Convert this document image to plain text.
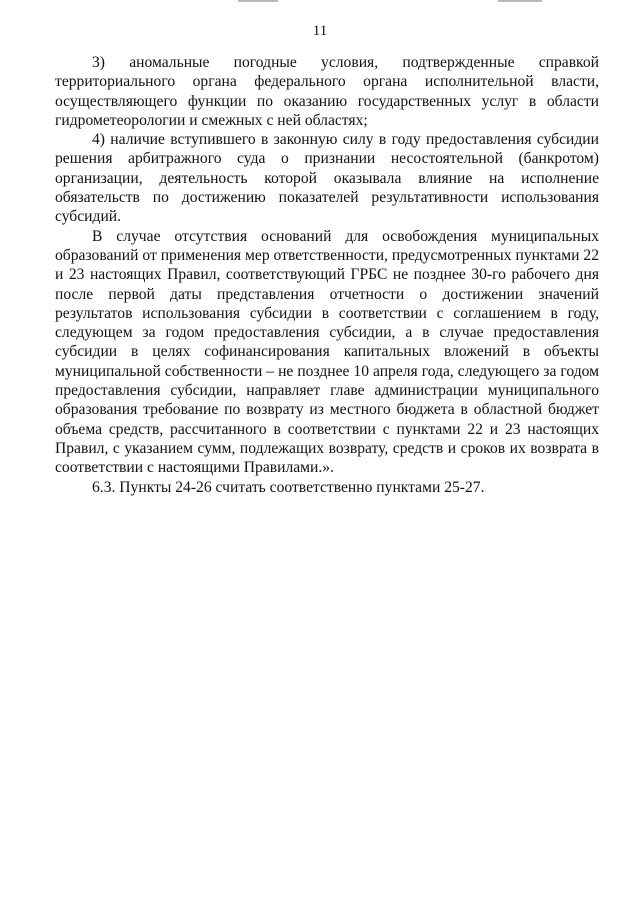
11

3) аномальные погодные условия, подтвержденные справкой территориального органа федерального органа исполнительной власти, осуществляющего функции по оказанию государственных услуг в области гидрометеорологии и смежных с ней областях;

4) наличие вступившего в законную силу в году предоставления субсидии решения арбитражного суда о признании несостоятельной (банкротом) организации, деятельность которой оказывала влияние на исполнение обязательств по достижению показателей результативности использования субсидий.

В случае отсутствия оснований для освобождения муниципальных образований от применения мер ответственности, предусмотренных пунктами 22 и 23 настоящих Правил, соответствующий ГРБС не позднее 30-го рабочего дня после первой даты представления отчетности о достижении значений результатов использования субсидии в соответствии с соглашением в году, следующем за годом предоставления субсидии, а в случае предоставления субсидии в целях софинансирования капитальных вложений в объекты муниципальной собственности – не позднее 10 апреля года, следующего за годом предоставления субсидии, направляет главе администрации муниципального образования требование по возврату из местного бюджета в областной бюджет объема средств, рассчитанного в соответствии с пунктами 22 и 23 настоящих Правил, с указанием сумм, подлежащих возврату, средств и сроков их возврата в соответствии с настоящими Правилами.».

6.3. Пункты 24-26 считать соответственно пунктами 25-27.
